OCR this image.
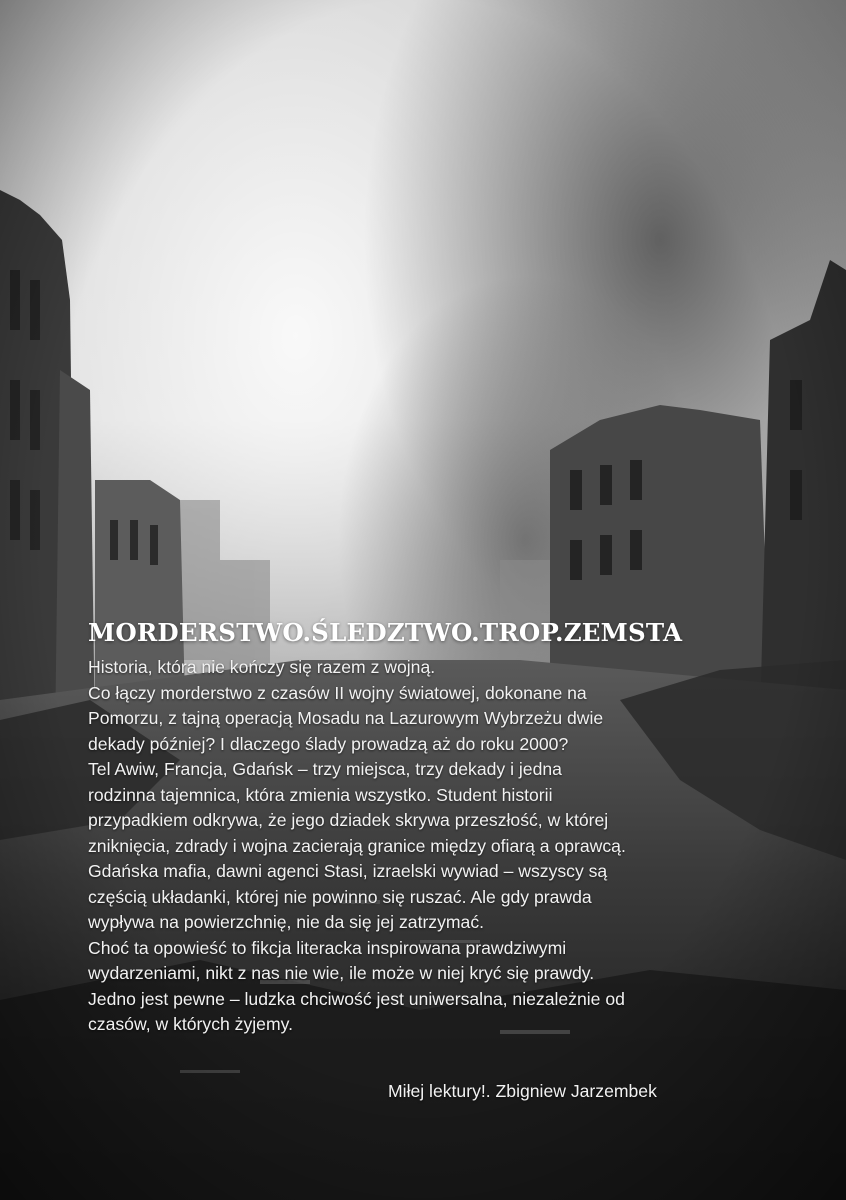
MORDERSTWO.ŚLEDZTWO.TROP.ZEMSTA

Historia, która nie kończy się razem z wojną.
Co łączy morderstwo z czasów II wojny światowej, dokonane na
Pomorzu, z tajną operacją Mosadu na Lazurowym Wybrzeżu dwie
dekady później? I dlaczego ślady prowadzą aż do roku 2000?
Tel Awiw, Francja, Gdańsk – trzy miejsca, trzy dekady i jedna
rodzinna tajemnica, która zmienia wszystko. Student historii
przypadkiem odkrywa, że jego dziadek skrywa przeszłość, w której
zniknięcia, zdrady i wojna zacierają granice między ofiarą a oprawcą.
Gdańska mafia, dawni agenci Stasi, izraelski wywiad – wszyscy są
częścią układanki, której nie powinno się ruszać. Ale gdy prawda
wypływa na powierzchnię, nie da się jej zatrzymać.
Choć ta opowieść to fikcja literacka inspirowana prawdziwymi
wydarzeniami, nikt z nas nie wie, ile może w niej kryć się prawdy.
Jedno jest pewne – ludzka chciwość jest uniwersalna, niezależnie od
czasów, w których żyjemy.

Miłej lektury!. Zbigniew Jarzembek
